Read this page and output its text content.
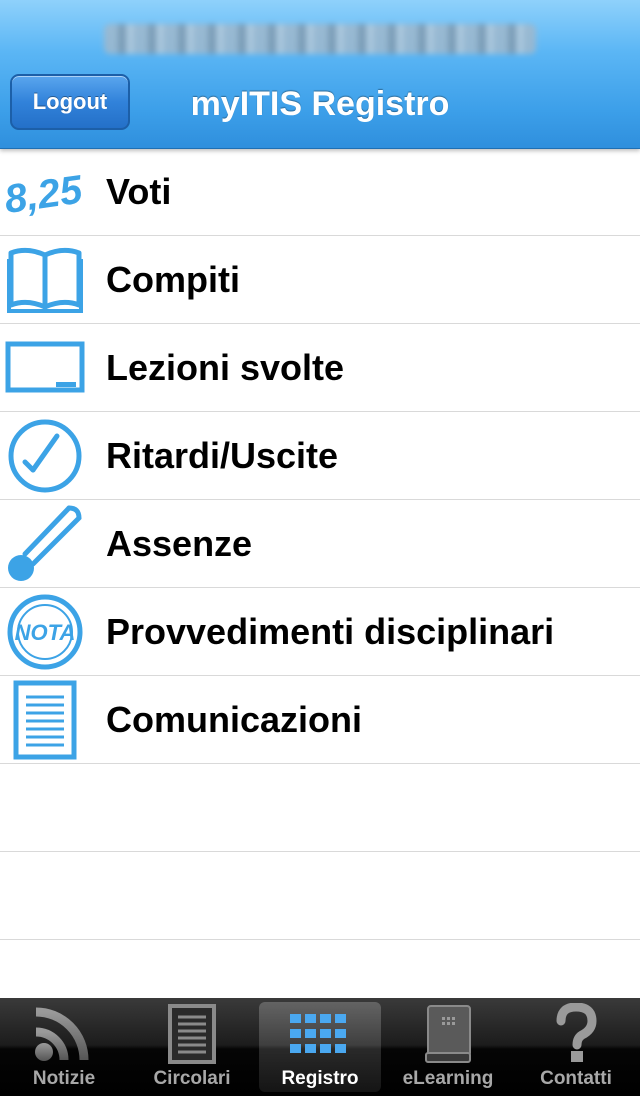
Logout	myITIS Registro
8,25 Voti
Compiti
Lezioni svolte
Ritardi/Uscite
Assenze
NOTA Provvedimenti disciplinari
Comunicazioni
Notizie	Circolari	Registro eLearning Contatti
